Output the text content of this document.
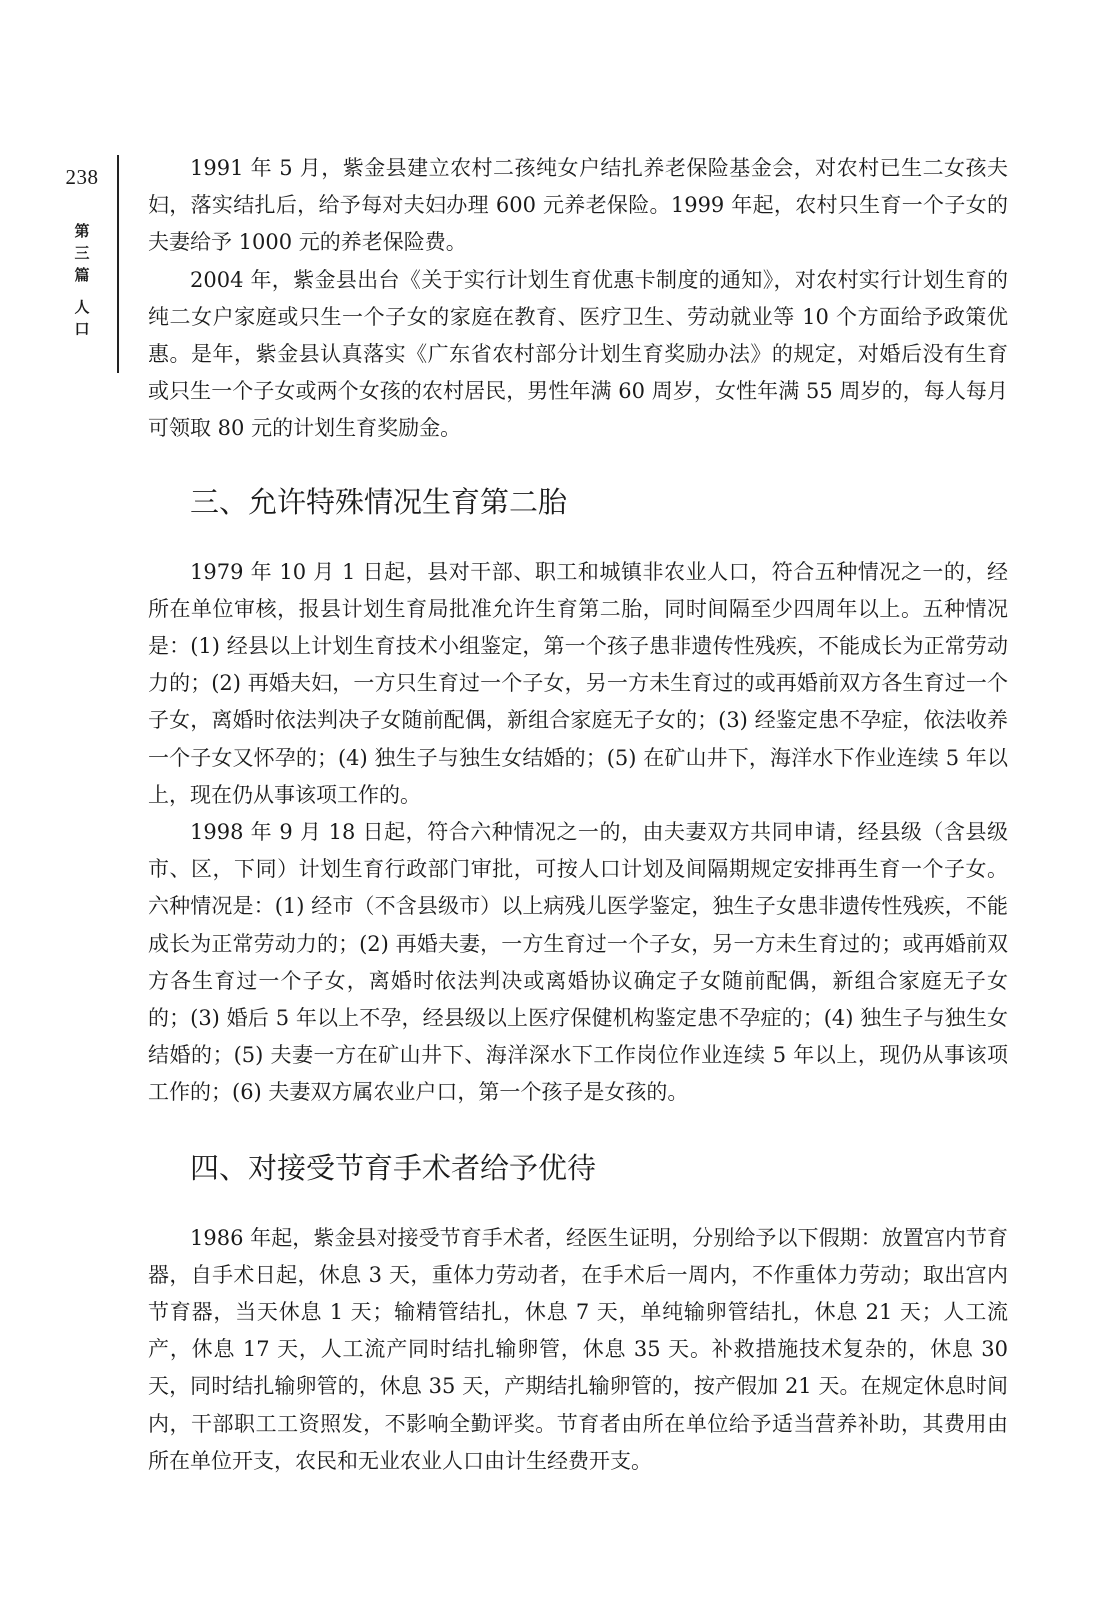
238
第
三
篇
人
口

1991 年 5 月，紫金县建立农村二孩纯女户结扎养老保险基金会，对农村已生二女孩夫妇，落实结扎后，给予每对夫妇办理 600 元养老保险。1999 年起，农村只生育一个子女的夫妻给予 1000 元的养老保险费。

2004 年，紫金县出台《关于实行计划生育优惠卡制度的通知》，对农村实行计划生育的纯二女户家庭或只生一个子女的家庭在教育、医疗卫生、劳动就业等 10 个方面给予政策优惠。是年，紫金县认真落实《广东省农村部分计划生育奖励办法》的规定，对婚后没有生育或只生一个子女或两个女孩的农村居民，男性年满 60 周岁，女性年满 55 周岁的，每人每月可领取 80 元的计划生育奖励金。

三、允许特殊情况生育第二胎

1979 年 10 月 1 日起，县对干部、职工和城镇非农业人口，符合五种情况之一的，经所在单位审核，报县计划生育局批准允许生育第二胎，同时间隔至少四周年以上。五种情况是：(1) 经县以上计划生育技术小组鉴定，第一个孩子患非遗传性残疾，不能成长为正常劳动力的；(2) 再婚夫妇，一方只生育过一个子女，另一方未生育过的或再婚前双方各生育过一个子女，离婚时依法判决子女随前配偶，新组合家庭无子女的；(3) 经鉴定患不孕症，依法收养一个子女又怀孕的；(4) 独生子与独生女结婚的；(5) 在矿山井下，海洋水下作业连续 5 年以上，现在仍从事该项工作的。

1998 年 9 月 18 日起，符合六种情况之一的，由夫妻双方共同申请，经县级（含县级市、区，下同）计划生育行政部门审批，可按人口计划及间隔期规定安排再生育一个子女。六种情况是：(1) 经市（不含县级市）以上病残儿医学鉴定，独生子女患非遗传性残疾，不能成长为正常劳动力的；(2) 再婚夫妻，一方生育过一个子女，另一方未生育过的；或再婚前双方各生育过一个子女，离婚时依法判决或离婚协议确定子女随前配偶，新组合家庭无子女的；(3) 婚后 5 年以上不孕，经县级以上医疗保健机构鉴定患不孕症的；(4) 独生子与独生女结婚的；(5) 夫妻一方在矿山井下、海洋深水下工作岗位作业连续 5 年以上，现仍从事该项工作的；(6) 夫妻双方属农业户口，第一个孩子是女孩的。

四、对接受节育手术者给予优待

1986 年起，紫金县对接受节育手术者，经医生证明，分别给予以下假期：放置宫内节育器，自手术日起，休息 3 天，重体力劳动者，在手术后一周内，不作重体力劳动；取出宫内节育器，当天休息 1 天；输精管结扎，休息 7 天，单纯输卵管结扎，休息 21 天；人工流产，休息 17 天，人工流产同时结扎输卵管，休息 35 天。补救措施技术复杂的，休息 30 天，同时结扎输卵管的，休息 35 天，产期结扎输卵管的，按产假加 21 天。在规定休息时间内，干部职工工资照发，不影响全勤评奖。节育者由所在单位给予适当营养补助，其费用由所在单位开支，农民和无业农业人口由计生经费开支。
